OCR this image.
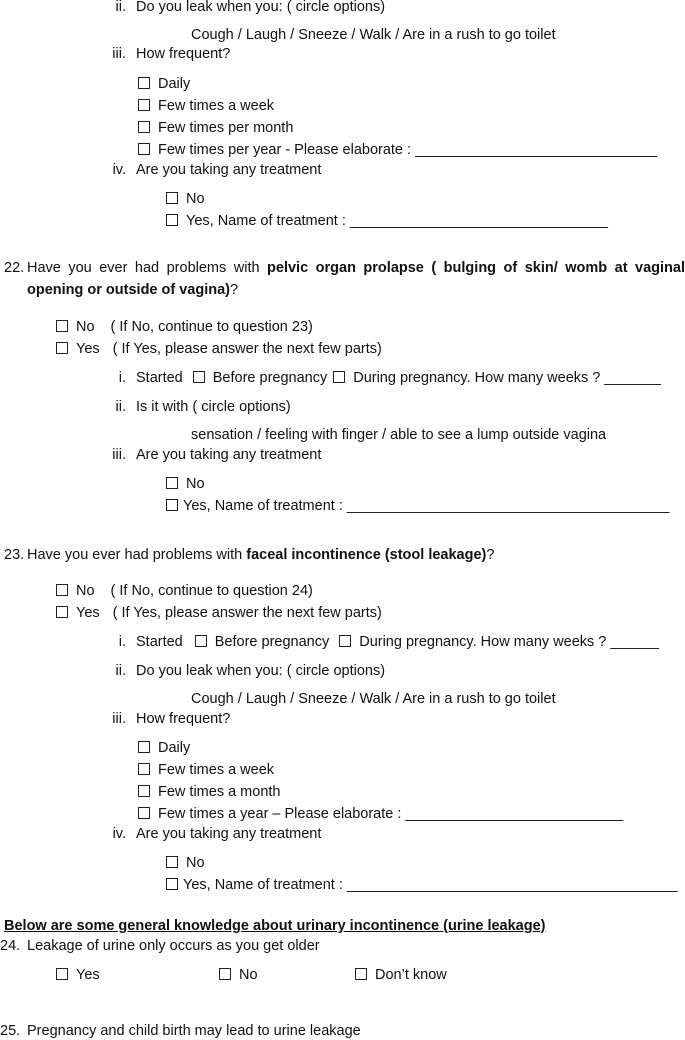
ii. Do you leak when you: ( circle options)
Cough / Laugh / Sneeze / Walk / Are in a rush to go toilet
iii. How frequent?
Daily
Few times a week
Few times per month
Few times per year - Please elaborate : ______________________________
iv. Are you taking any treatment
No
Yes, Name of treatment : ________________________________
22. Have you ever had problems with pelvic organ prolapse ( bulging of skin/ womb at vaginal opening or outside of vagina)?
No ( If No, continue to question 23)
Yes ( If Yes, please answer the next few parts)
i. Started Before pregnancy During pregnancy. How many weeks ? _______
ii. Is it with ( circle options)
sensation / feeling with finger / able to see a lump outside vagina
iii. Are you taking any treatment
No
Yes, Name of treatment : ________________________________________
23. Have you ever had problems with faceal incontinence (stool leakage)?
No ( If No, continue to question 24)
Yes ( If Yes, please answer the next few parts)
i. Started Before pregnancy During pregnancy. How many weeks ? ______
ii. Do you leak when you: ( circle options)
Cough / Laugh / Sneeze / Walk / Are in a rush to go toilet
iii. How frequent?
Daily
Few times a week
Few times a month
Few times a year – Please elaborate : ___________________________
iv. Are you taking any treatment
No
Yes, Name of treatment : _________________________________________
Below are some general knowledge about urinary incontinence (urine leakage)
24. Leakage of urine only occurs as you get older
Yes	No	Don’t know
25. Pregnancy and child birth may lead to urine leakage
